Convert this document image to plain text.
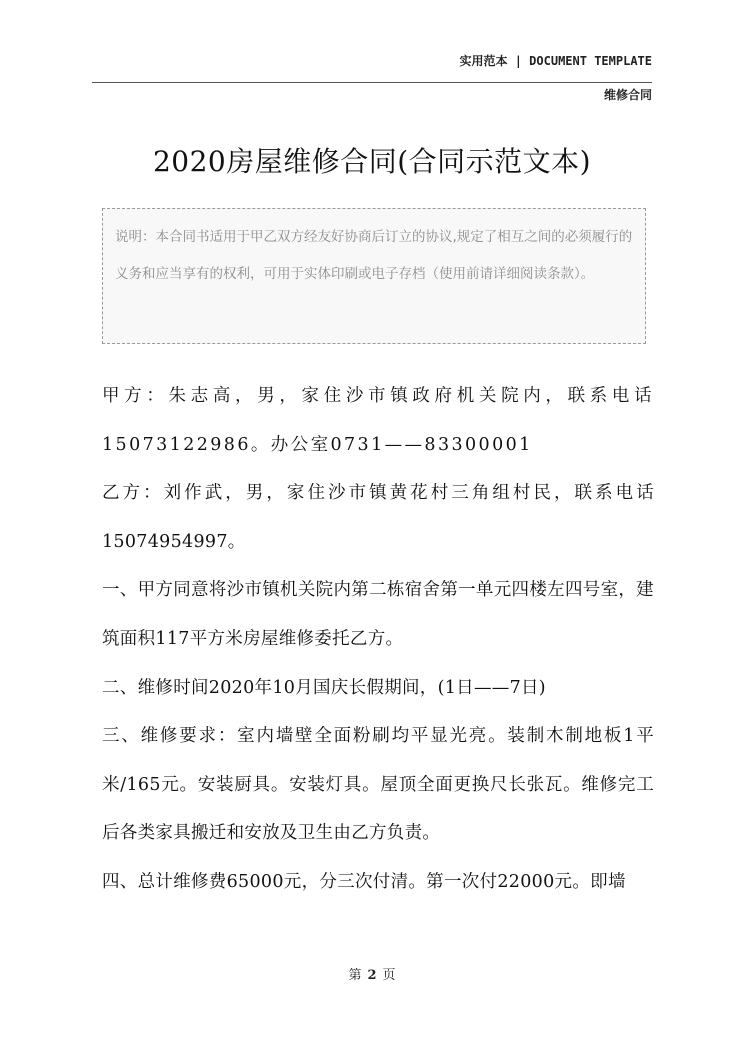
实用范本 | DOCUMENT TEMPLATE
维修合同
2020房屋维修合同(合同示范文本)
说明：本合同书适用于甲乙双方经友好协商后订立的协议,规定了相互之间的必须履行的义务和应当享有的权利，可用于实体印刷或电子存档（使用前请详细阅读条款）。

甲方：朱志高，男，家住沙市镇政府机关院内，联系电话15073122986。办公室0731——83300001

乙方：刘作武，男，家住沙市镇黄花村三角组村民，联系电话15074954997。

一、甲方同意将沙市镇机关院内第二栋宿舍第一单元四楼左四号室，建筑面积117平方米房屋维修委托乙方。

二、维修时间2020年10月国庆长假期间，(1日——7日)

三、维修要求：室内墙壁全面粉刷均平显光亮。装制木制地板1平米/165元。安装厨具。安装灯具。屋顶全面更换尺长张瓦。维修完工后各类家具搬迁和安放及卫生由乙方负责。

四、总计维修费65000元，分三次付清。第一次付22000元。即墙

第 2 页
